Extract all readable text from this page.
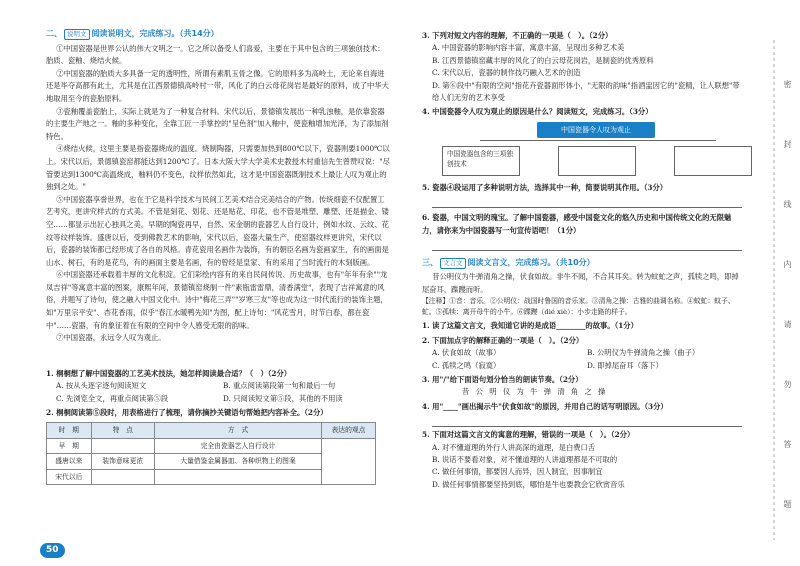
二、 说明文 阅读说明文，完成练习。（共14分）

①中国瓷器是世界公认的伟大文明之一。它之所以备受人们喜爱，主要在于其中包含的三项独创技术：胎质、瓷釉、烧结火候。

②中国瓷器的胎质大多具备一定的透明性，所谓有素肌玉骨之像。它的原料多为高岭土，无论来自海进还是毕夺高都有此土，尤其是在江西景德镇高岭村一带，风化了的白云母花岗岩是最好的原料，成了中华大地取用至今的瓷胎原料。

③瓷釉覆盖瓷胎上，实际上就是为了一种复合材料。宋代以后，景德镇发展出一种乳浊釉，是依靠瓷器的主要生产地之一。釉的多种变化，全靠工匠一手掌控的"呈色剂"加入釉中，使瓷釉增加光泽，为了添加剂特色。

④烧结火候，这里主要是指瓷器烧成的温度。烧制陶器，只需要加热到800℃以下，瓷器则要1000℃以上。宋代以后，景德镇瓷窑都能达到1200℃了。日本大阪大学大学美术史教授木村重信先生曾赞叹说："尽管要达到1300℃高温烧成，釉料仍不变色，纹样依然如此，这才是中国瓷器既制技术上最让人叹为观止的独到之处。"

⑤中国瓷器享誉世界，也在于它是科学技术与民间工艺美术结合完美结合的产物。传统细瓷不仅配置工艺考究，更讲究样式的方式美。不管是刻花、划花、还是贴花、印花，也不管是堆塑、雕塑、还是描金、镂空……都显示出匠心独具之美。早期的陶瓷再早，自然、宋金朝的瓷器艺人自行设计，例如水纹、云纹、花纹等纹样装饰。盛唐以后，受到佛教艺术的影响，宋代以后，瓷器大量生产，使窑器纹样更讲究，宋代以后，瓷器的装饰都已经形成了各自的风格。青花瓷用名画作为装饰，有的朝臣名画为瓷画家生，有的画面是山水、树石，有的是花鸟，有的画面主要是名画，有的曾经是皇家、有的采用了当时流行的木刻版画。

⑥中国瓷器还承载着丰厚的文化积淀。它们彩绘内容有的来自民间传说、历史故事，也有"年年有余""龙凤吉祥"等寓意丰富的图案，康熙年间，景德镇窑烧制一件"素瓶雷雷鼎，清香满堂"，表现了吉祥寓意的风俗，并题写了诗句，使之融入中国文化中。诗中"梅花三弄""岁寒三友"等也成为这一时代流行的装饰主题，如"万里宗平安"、杏花香雨，似乎"春江水暖鸭先知"为图，配上诗句："风花雪月，时节白春，都在瓷中"……瓷器，有的象征着在有限的空间中令人感受无限的韵味。

⑦中国瓷器，永远令人叹为观止。

1. 桐桐想了解中国瓷器的工艺美术技法，她怎样阅读最合适？（　）（2分）
A. 按从头逐字逐句阅读短文	B. 重点阅读第段第一句和最后一句
C. 先浏览全文，再重点阅读第⑤段	D. 只阅读短文第⑤段，其他的不用读
2. 桐桐阅读第⑤段时，用表格进行了梳理，请你摘抄关键语句帮她把内容补全。（2分）
时　期	特　点	方　式	表达的观点
早　期		完全由瓷器艺人自行设计	
盛唐以来	装饰意味更浓	大量借鉴金属器皿、各种织物上的图案	
宋代以后			
50
3. 下列对短文内容的理解，不正确的一项是（　）。（2分）
A. 中国瓷器的影响内容丰富，寓意丰富，呈现出多种艺术美
B. 江西景德镇窑藏丰厚的风化了的白云母花岗岩，是制瓷的优秀原料
C. 宋代以后，瓷器的制作技巧融入艺术的创造
D. 第⑥段中"有限的空间"指花卉瓷器面形体小，"无限的韵味"指酒盅因它的"瓷精，让人联想"带给人们无穷的艺术享受
4. 中国瓷器令人叹为观止的原因是什么？阅读短文，完成练习。（3分）
中国瓷器令人叹为观止
中国瓷器包含的三项独创技术
5. 瓷器④段运用了多种说明方法，选择其中一种，简要说明其作用。（3分）
6. 瓷器，中国文明的瑰宝。了解中国瓷器，感受中国瓷文化的悠久历史和中国传统文化的无限魅力，请你来为中国瓷器写一句宣传语吧！（1分）
三、 文言文 阅读文言文，完成练习。（共10分）

昔公明仪为牛弹清角之操，伏食如故。非牛不闻，不合其耳矣。转为蚊虻之声，孤犊之鸣，即掉尾奋耳，蹀躞而听。

【注释】①音：音乐。②公明仪：战国时鲁国的音乐家。③清角之操：古雅的曲调名称。④蚊虻：蚊子、虻。⑤孤犊：离开母牛的小牛。⑥蹀躞（dié xiè）：小步走路的样子。
1. 读了这篇文言文，我知道它讲的是成语________的故事。（1分）
2. 下面加点字的解释正确的一项是（　）。（2分）
A. 伏食如故（故事）	B. 公明仪为牛弹清角之操（曲子）
C. 孤犊之鸣（寂寞）	D. 即掉尾奋耳（落下）
3. 用"/"给下面语句划分恰当的朗读节奏。（2分）
昔 公 明 仪 为 牛 弹 清 角 之 操
4. 用"____"画出揭示牛"伏食如故"的原因，并用自己的话写明原因。（3分）
5. 下面对这篇文言文的寓意的理解，错误的一项是（　）。（2分）
A. 对不懂道理的外行人讲高深的道理，是白费口舌
B. 说话不要看对象，对不懂道理的人讲道理都是不可取的
C. 做任何事情，都要因人而异，因人制宜，因事制宜
D. 做任何事情都要坚持到底，哪怕是牛也要教会它欣赏音乐
密
封
线
内
请
勿
答
题
